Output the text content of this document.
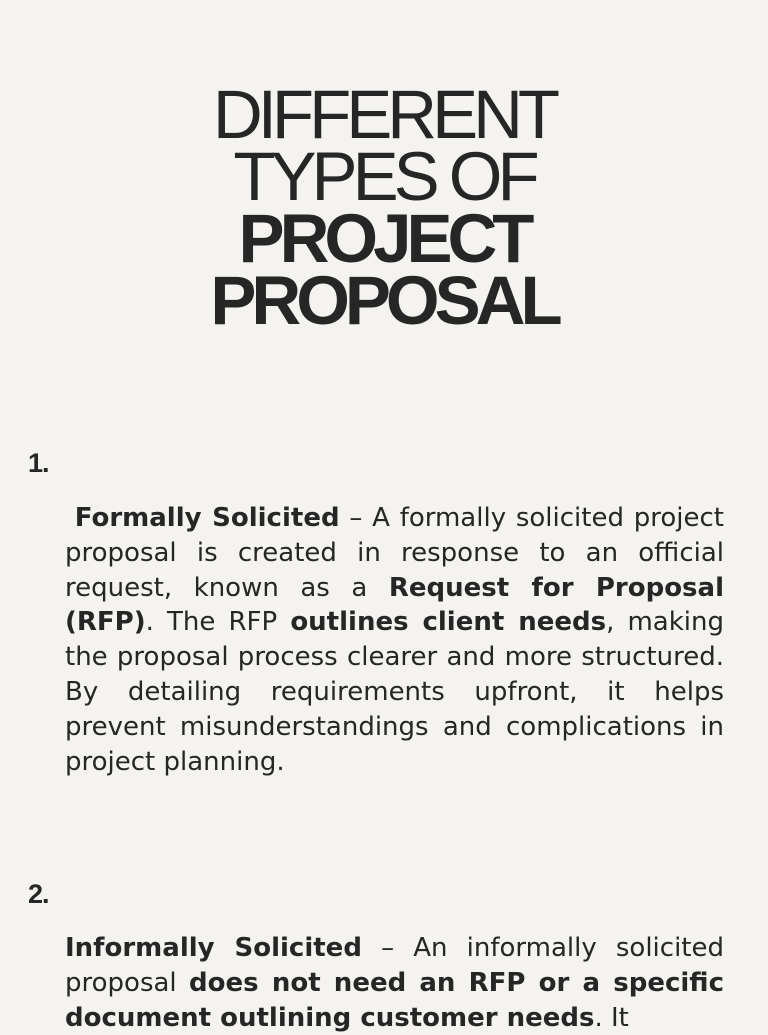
DIFFERENT
TYPES OF
PROJECT
PROPOSAL
1.

Formally Solicited – A formally solicited project proposal is created in response to an official request, known as a Request for Proposal (RFP). The RFP outlines client needs, making the proposal process clearer and more structured. By detailing requirements upfront, it helps prevent misunderstandings and complications in project planning.

2.

Informally Solicited – An informally solicited proposal does not need an RFP or a specific document outlining customer needs. It
